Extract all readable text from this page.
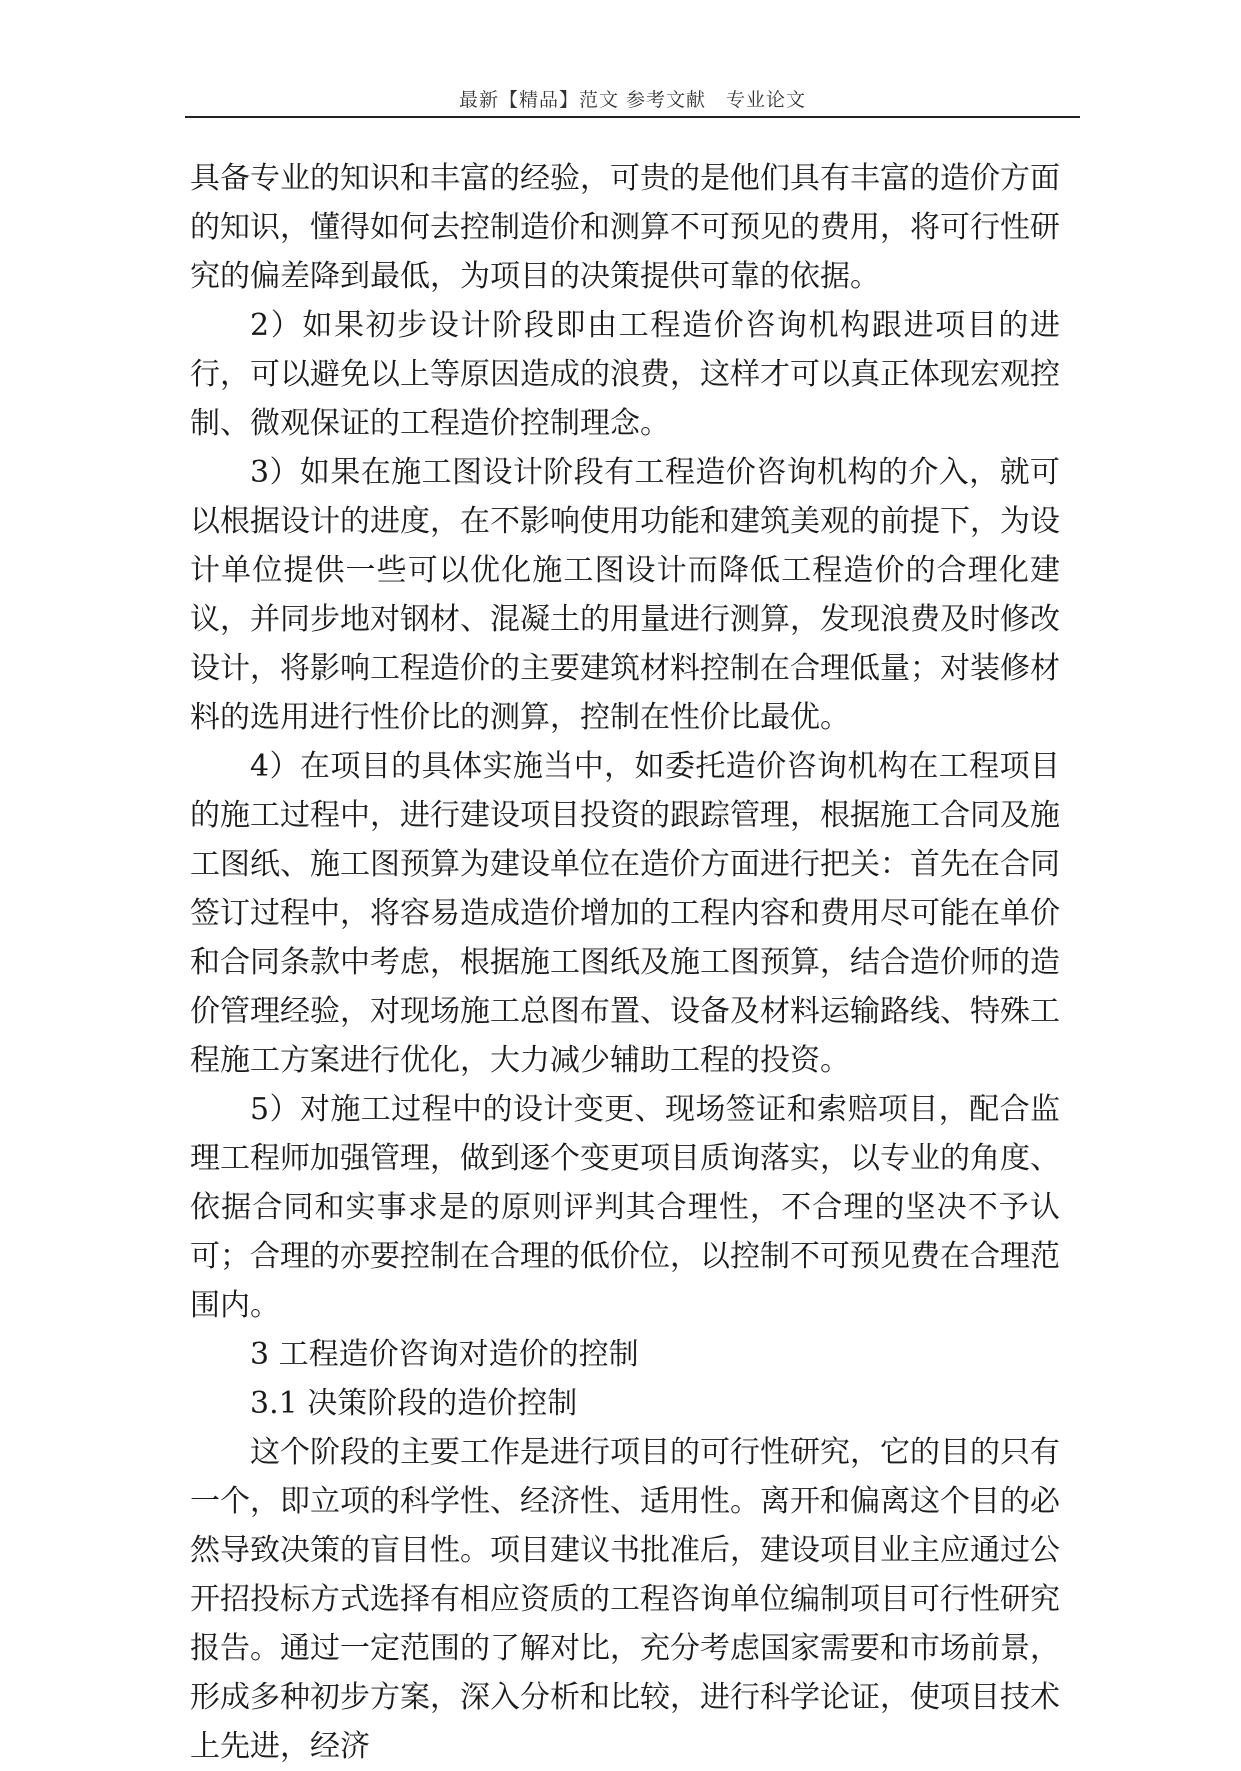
最新【精品】范文 参考文献　专业论文

具备专业的知识和丰富的经验，可贵的是他们具有丰富的造价方面的知识，懂得如何去控制造价和测算不可预见的费用，将可行性研究的偏差降到最低，为项目的决策提供可靠的依据。

2）如果初步设计阶段即由工程造价咨询机构跟进项目的进行，可以避免以上等原因造成的浪费，这样才可以真正体现宏观控制、微观保证的工程造价控制理念。

3）如果在施工图设计阶段有工程造价咨询机构的介入，就可以根据设计的进度，在不影响使用功能和建筑美观的前提下，为设计单位提供一些可以优化施工图设计而降低工程造价的合理化建议，并同步地对钢材、混凝土的用量进行测算，发现浪费及时修改设计，将影响工程造价的主要建筑材料控制在合理低量；对装修材料的选用进行性价比的测算，控制在性价比最优。

4）在项目的具体实施当中，如委托造价咨询机构在工程项目的施工过程中，进行建设项目投资的跟踪管理，根据施工合同及施工图纸、施工图预算为建设单位在造价方面进行把关：首先在合同签订过程中，将容易造成造价增加的工程内容和费用尽可能在单价和合同条款中考虑，根据施工图纸及施工图预算，结合造价师的造价管理经验，对现场施工总图布置、设备及材料运输路线、特殊工程施工方案进行优化，大力减少辅助工程的投资。

5）对施工过程中的设计变更、现场签证和索赔项目，配合监理工程师加强管理，做到逐个变更项目质询落实，以专业的角度、依据合同和实事求是的原则评判其合理性，不合理的坚决不予认可；合理的亦要控制在合理的低价位，以控制不可预见费在合理范围内。

3 工程造价咨询对造价的控制

3.1 决策阶段的造价控制

这个阶段的主要工作是进行项目的可行性研究，它的目的只有一个，即立项的科学性、经济性、适用性。离开和偏离这个目的必然导致决策的盲目性。项目建议书批准后，建设项目业主应通过公开招投标方式选择有相应资质的工程咨询单位编制项目可行性研究报告。通过一定范围的了解对比，充分考虑国家需要和市场前景，形成多种初步方案，深入分析和比较，进行科学论证，使项目技术上先进，经济
